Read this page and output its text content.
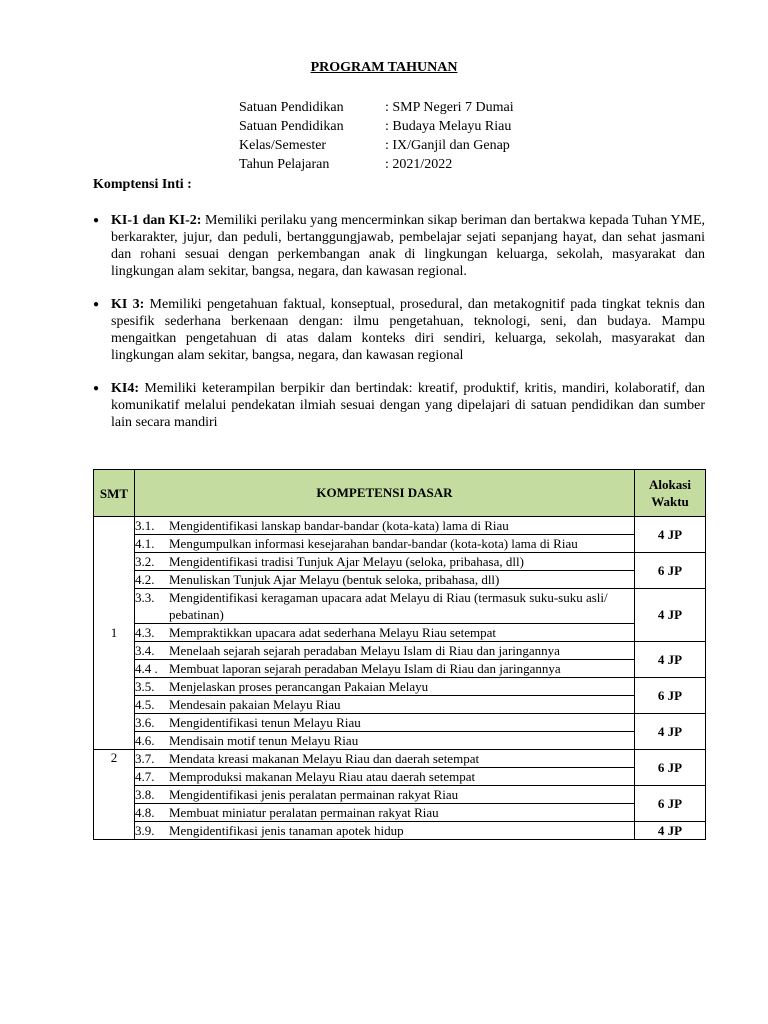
PROGRAM TAHUNAN
Satuan Pendidikan	: SMP Negeri 7 Dumai
Satuan Pendidikan	: Budaya Melayu Riau
Kelas/Semester	: IX/Ganjil dan Genap
Tahun Pelajaran	: 2021/2022
Komptensi Inti :
● KI-1 dan KI-2: Memiliki perilaku yang mencerminkan sikap beriman dan bertakwa kepada Tuhan YME, berkarakter, jujur, dan peduli, bertanggungjawab, pembelajar sejati sepanjang hayat, dan sehat jasmani dan rohani sesuai dengan perkembangan anak di lingkungan keluarga, sekolah, masyarakat dan lingkungan alam sekitar, bangsa, negara, dan kawasan regional.
● KI 3: Memiliki pengetahuan faktual, konseptual, prosedural, dan metakognitif pada tingkat teknis dan spesifik sederhana berkenaan dengan: ilmu pengetahuan, teknologi, seni, dan budaya. Mampu mengaitkan pengetahuan di atas dalam konteks diri sendiri, keluarga, sekolah, masyarakat dan lingkungan alam sekitar, bangsa, negara, dan kawasan regional
● KI4: Memiliki keterampilan berpikir dan bertindak: kreatif, produktif, kritis, mandiri, kolaboratif, dan komunikatif melalui pendekatan ilmiah sesuai dengan yang dipelajari di satuan pendidikan dan sumber lain secara mandiri
SMT	KOMPETENSI DASAR	Alokasi Waktu
1	3.1. Mengidentifikasi lanskap bandar-bandar (kota-kata) lama di Riau	4 JP

	4.1. Mengumpulkan informasi kesejarahan bandar-bandar (kota-kota) lama di Riau	

	3.2. Mengidentifikasi tradisi Tunjuk Ajar Melayu (seloka, pribahasa, dll)	6 JP

	4.2. Menuliskan Tunjuk Ajar Melayu (bentuk seloka, pribahasa, dll)	

	3.3. Mengidentifikasi keragaman upacara adat Melayu di Riau (termasuk suku-suku asli/ pebatinan)	4 JP

	4.3. Mempraktikkan upacara adat sederhana Melayu Riau setempat	

	3.4. Menelaah sejarah sejarah peradaban Melayu Islam di Riau dan jaringannya	4 JP

	4.4 . Membuat laporan sejarah peradaban Melayu Islam di Riau dan jaringannya	

	3.5. Menjelaskan proses perancangan Pakaian Melayu	6 JP

	4.5. Mendesain pakaian Melayu Riau	

	3.6. Mengidentifikasi tenun Melayu Riau	4 JP

	4.6. Mendisain motif tenun Melayu Riau	

2	3.7. Mendata kreasi makanan Melayu Riau dan daerah setempat	6 JP

	4.7. Memproduksi makanan Melayu Riau atau daerah setempat	

	3.8. Mengidentifikasi jenis peralatan permainan rakyat Riau	6 JP

	4.8. Membuat miniatur peralatan permainan rakyat Riau	

	3.9. Mengidentifikasi jenis tanaman apotek hidup	4 JP
